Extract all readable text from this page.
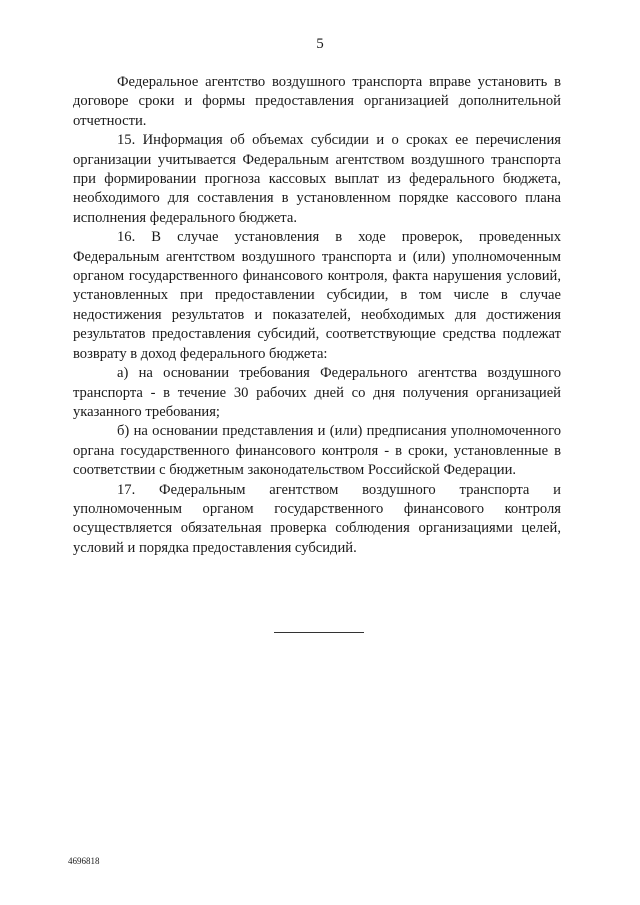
5

Федеральное агентство воздушного транспорта вправе установить в договоре сроки и формы предоставления организацией дополнительной отчетности.

15. Информация об объемах субсидии и о сроках ее перечисления организации учитывается Федеральным агентством воздушного транспорта при формировании прогноза кассовых выплат из федерального бюджета, необходимого для составления в установленном порядке кассового плана исполнения федерального бюджета.

16. В случае установления в ходе проверок, проведенных Федеральным агентством воздушного транспорта и (или) уполномоченным органом государственного финансового контроля, факта нарушения условий, установленных при предоставлении субсидии, в том числе в случае недостижения результатов и показателей, необходимых для достижения результатов предоставления субсидий, соответствующие средства подлежат возврату в доход федерального бюджета:

а) на основании требования Федерального агентства воздушного транспорта - в течение 30 рабочих дней со дня получения организацией указанного требования;

б) на основании представления и (или) предписания уполномоченного органа государственного финансового контроля - в сроки, установленные в соответствии с бюджетным законодательством Российской Федерации.

17. Федеральным агентством воздушного транспорта и уполномоченным органом государственного финансового контроля осуществляется обязательная проверка соблюдения организациями целей, условий и порядка предоставления субсидий.

4696818
